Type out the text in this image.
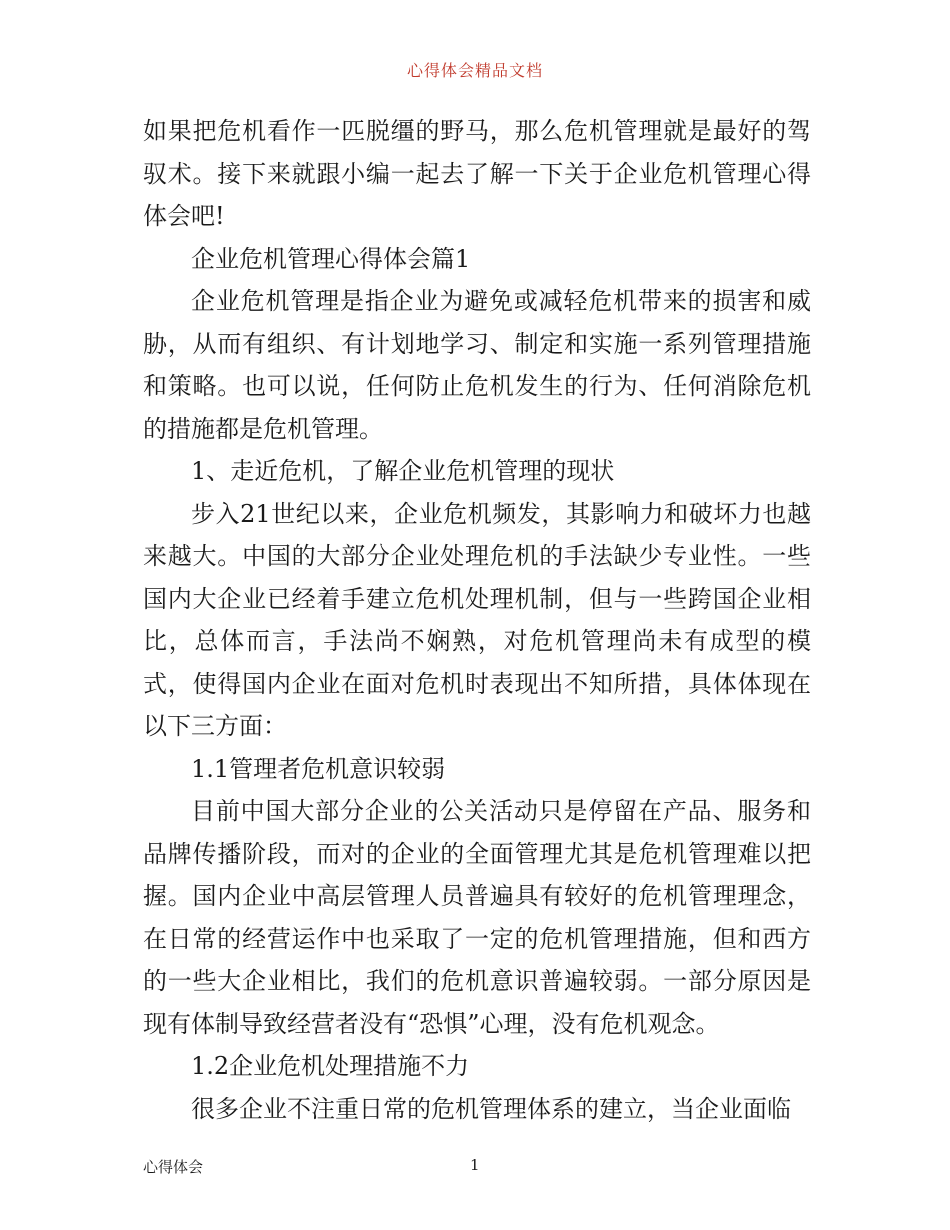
心得体会精品文档

如果把危机看作一匹脱缰的野马，那么危机管理就是最好的驾驭术。接下来就跟小编一起去了解一下关于企业危机管理心得体会吧!

企业危机管理心得体会篇1

企业危机管理是指企业为避免或减轻危机带来的损害和威胁，从而有组织、有计划地学习、制定和实施一系列管理措施和策略。也可以说，任何防止危机发生的行为、任何消除危机的措施都是危机管理。

1、走近危机，了解企业危机管理的现状

步入21世纪以来，企业危机频发，其影响力和破坏力也越来越大。中国的大部分企业处理危机的手法缺少专业性。一些国内大企业已经着手建立危机处理机制，但与一些跨国企业相比，总体而言，手法尚不娴熟，对危机管理尚未有成型的模式，使得国内企业在面对危机时表现出不知所措，具体体现在以下三方面：

1.1管理者危机意识较弱

目前中国大部分企业的公关活动只是停留在产品、服务和品牌传播阶段，而对的企业的全面管理尤其是危机管理难以把握。国内企业中高层管理人员普遍具有较好的危机管理理念，在日常的经营运作中也采取了一定的危机管理措施，但和西方的一些大企业相比，我们的危机意识普遍较弱。一部分原因是现有体制导致经营者没有“恐惧”心理，没有危机观念。

1.2企业危机处理措施不力

很多企业不注重日常的危机管理体系的建立，当企业面临

心得体会	1
